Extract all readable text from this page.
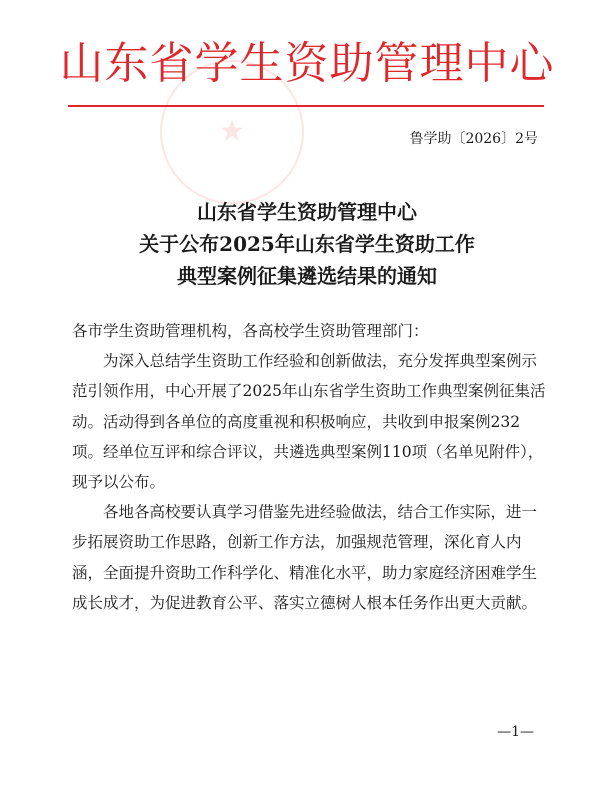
山东省学生资助管理中心
★	鲁学助〔2026〕2号
山东省学生资助管理中心
关于公布2025年山东省学生资助工作
典型案例征集遴选结果的通知

各市学生资助管理机构，各高校学生资助管理部门：

为深入总结学生资助工作经验和创新做法，充分发挥典型案例示范引领作用，中心开展了2025年山东省学生资助工作典型案例征集活动。活动得到各单位的高度重视和积极响应，共收到申报案例232项。经单位互评和综合评议，共遴选典型案例110项（名单见附件），现予以公布。

各地各高校要认真学习借鉴先进经验做法，结合工作实际，进一步拓展资助工作思路，创新工作方法，加强规范管理，深化育人内涵，全面提升资助工作科学化、精准化水平，助力家庭经济困难学生成长成才，为促进教育公平、落实立德树人根本任务作出更大贡献。

—1—
